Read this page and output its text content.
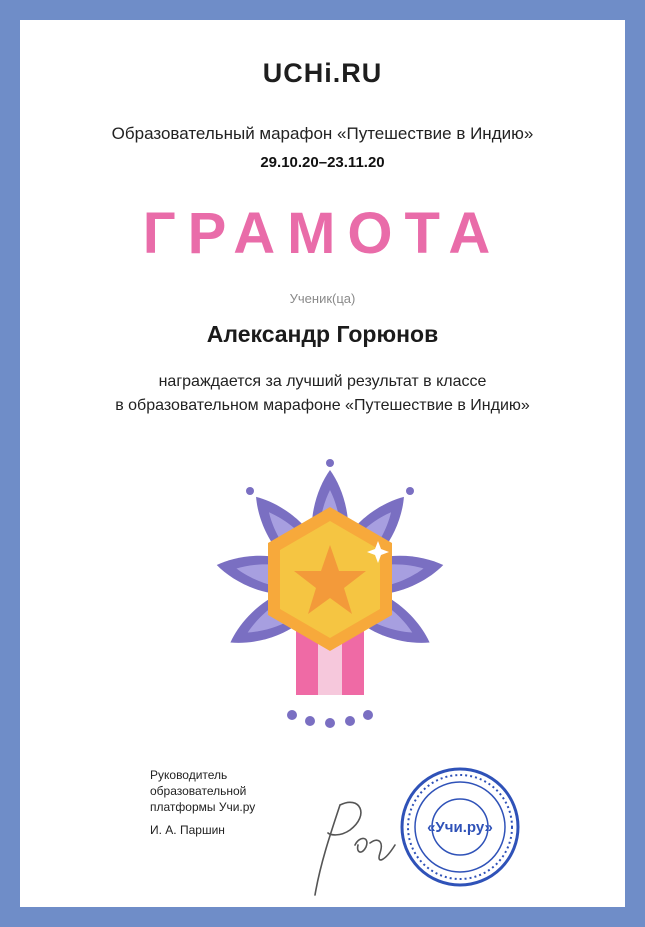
UCHi.RU
Образовательный марафон «Путешествие в Индию»
29.10.20–23.11.20
ГРАМОТА
Ученик(ца)
Александр Горюнов
награждается за лучший результат в классе
в образовательном марафоне «Путешествие в Индию»
Руководитель
образовательной
платформы Учи.ру
И. А. Паршин	«Учи.ру»
